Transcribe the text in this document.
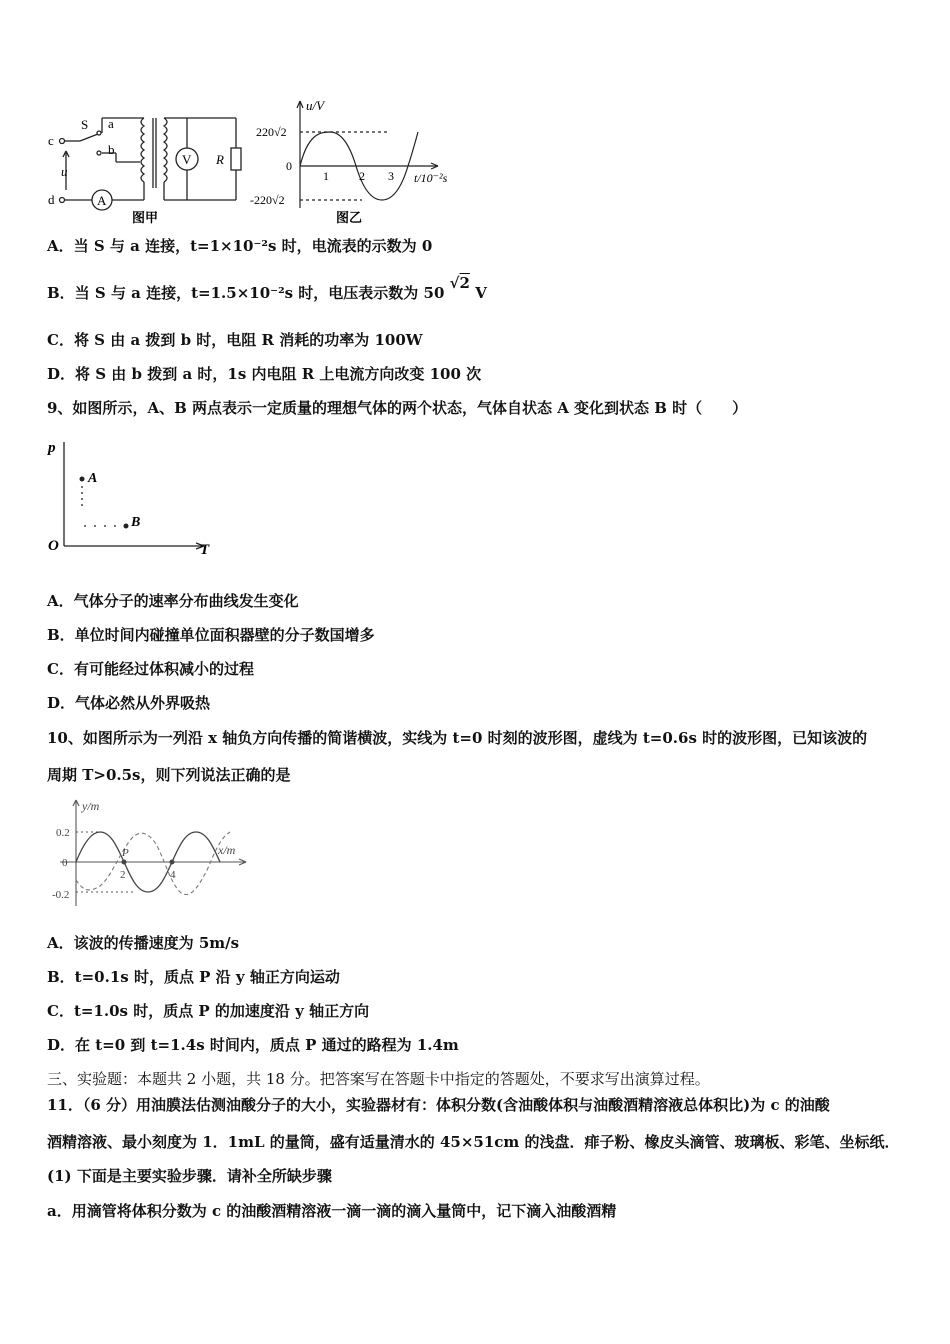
c
S a
b
u
d	A
V R
图甲
u/V
t/10⁻²s
220√2
0
-220√2
1	2 3
图乙
A．当 S 与 a 连接，t=1×10⁻²s 时，电流表的示数为 0
B．当 S 与 a 连接，t=1.5×10⁻²s 时，电压表示数为 50 √2 V
C．将 S 由 a 拨到 b 时，电阻 R 消耗的功率为 100W
D．将 S 由 b 拨到 a 时，1s 内电阻 R 上电流方向改变 100 次
9、如图所示，A、B 两点表示一定质量的理想气体的两个状态，气体自状态 A 变化到状态 B 时（　　）
p
A
B
O	T
A．气体分子的速率分布曲线发生变化
B．单位时间内碰撞单位面积器壁的分子数国增多
C．有可能经过体积减小的过程
D．气体必然从外界吸热
10、如图所示为一列沿 x 轴负方向传播的简谐横波，实线为 t=0 时刻的波形图，虚线为 t=0.6s 时的波形图，已知该波的
周期 T>0.5s，则下列说法正确的是
y/m
x/m
0.2
0
-0.2
2	4
P
A．该波的传播速度为 5m/s
B．t=0.1s 时，质点 P 沿 y 轴正方向运动
C．t=1.0s 时，质点 P 的加速度沿 y 轴正方向
D．在 t=0 到 t=1.4s 时间内，质点 P 通过的路程为 1.4m
三、实验题：本题共 2 小题，共 18 分。把答案写在答题卡中指定的答题处，不要求写出演算过程。
11．（6 分）用油膜法估测油酸分子的大小，实验器材有：体积分数(含油酸体积与油酸酒精溶液总体积比)为 c 的油酸
酒精溶液、最小刻度为 1．1mL 的量筒，盛有适量清水的 45×51cm 的浅盘．痱子粉、橡皮头滴管、玻璃板、彩笔、坐标纸．
(1) 下面是主要实验步骤．请补全所缺步骤
a．用滴管将体积分数为 c 的油酸酒精溶液一滴一滴的滴入量筒中，记下滴入油酸酒精
